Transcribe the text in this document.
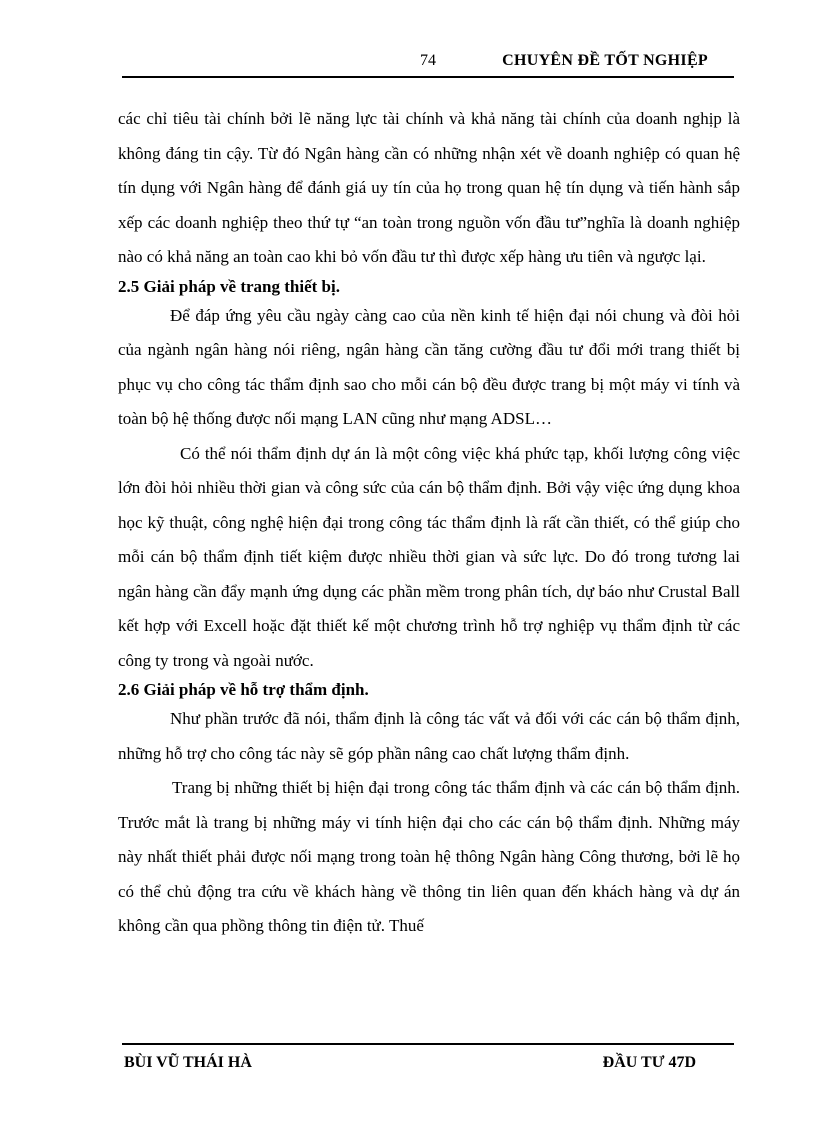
74	CHUYÊN ĐỀ TỐT NGHIỆP

các chỉ tiêu tài chính bởi lẽ năng lực tài chính và khả năng tài chính của doanh nghịp là không đáng tin cậy. Từ đó Ngân hàng cần có những nhận xét về doanh nghiệp có quan hệ tín dụng với Ngân hàng để đánh giá uy tín của họ trong quan hệ tín dụng và tiến hành sắp xếp các doanh nghiệp theo thứ tự “an toàn trong nguồn vốn đầu tư”nghĩa là doanh nghiệp nào có khả năng an toàn cao khi bỏ vốn đầu tư thì được xếp hàng ưu tiên và ngược lại.

2.5 Giải pháp về trang thiết bị.

Để đáp ứng yêu cầu ngày càng cao của nền kinh tế hiện đại nói chung và đòi hỏi của ngành ngân hàng nói riêng, ngân hàng cần tăng cường đầu tư đổi mới trang thiết bị phục vụ cho công tác thẩm định sao cho mỗi cán bộ đều được trang bị một máy vi tính và toàn bộ hệ thống được nối mạng LAN cũng như mạng ADSL…

Có thể nói thẩm định dự án là một công việc khá phức tạp, khối lượng công việc lớn đòi hỏi nhiều thời gian và công sức của cán bộ thẩm định. Bởi vậy việc ứng dụng khoa học kỹ thuật, công nghệ hiện đại trong công tác thẩm định là rất cần thiết, có thể giúp cho mỗi cán bộ thẩm định tiết kiệm được nhiều thời gian và sức lực. Do đó trong tương lai ngân hàng cần đẩy mạnh ứng dụng các phần mềm trong phân tích, dự báo như Crustal Ball kết hợp với Excell hoặc đặt thiết kế một chương trình hỗ trợ nghiệp vụ thẩm định từ các công ty trong và ngoài nước.

2.6 Giải pháp về hỗ trợ thẩm định.

Như phần trước đã nói, thẩm định là công tác vất vả đối với các cán bộ thẩm định, những hỗ trợ cho công tác này sẽ góp phần nâng cao chất lượng thẩm định.

Trang bị những thiết bị hiện đại trong công tác thẩm định và các cán bộ thẩm định. Trước mắt là trang bị những máy vi tính hiện đại cho các cán bộ thẩm định. Những máy này nhất thiết phải được nối mạng trong toàn hệ thông Ngân hàng Công thương, bởi lẽ họ có thể chủ động tra cứu về khách hàng về thông tin liên quan đến khách hàng và dự án không cần qua phồng thông tin điện tử. Thuế

BÙI VŨ THÁI HÀ	ĐẦU TƯ 47D
